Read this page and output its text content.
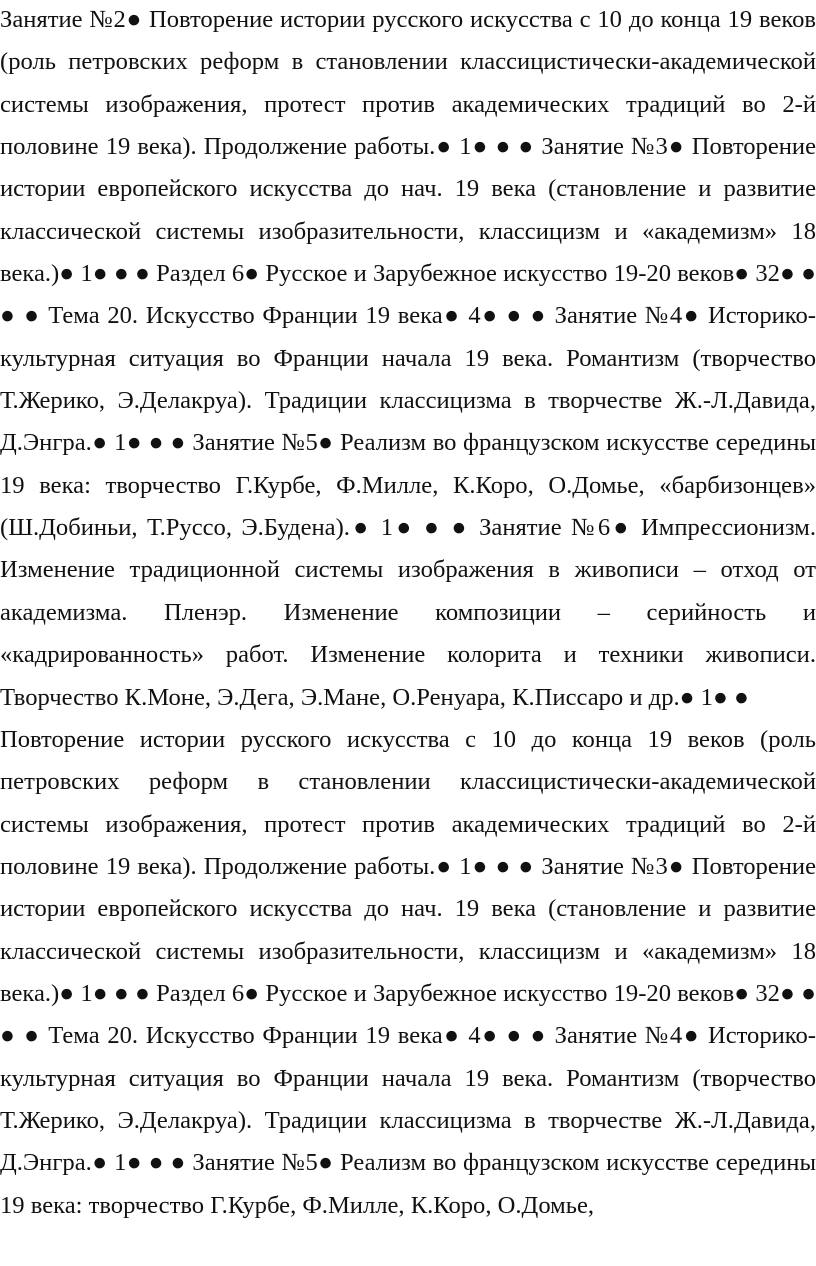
Занятие №2● Повторение истории русского искусства с 10 до конца 19 веков (роль петровских реформ в становлении классицистически-академической системы изображения, протест против академических традиций во 2-й половине 19 века). Продолжение работы.● 1● ● ● Занятие №3● Повторение истории европейского искусства до нач. 19 века (становление и развитие классической системы изобразительности, классицизм и «академизм» 18 века.)● 1● ● ● Раздел 6● Русское и Зарубежное искусство 19-20 веков● 32● ● ● ● Тема 20. Искусство Франции 19 века● 4● ● ● Занятие №4● Историко-культурная ситуация во Франции начала 19 века. Романтизм (творчество Т.Жерико, Э.Делакруа). Традиции классицизма в творчестве Ж.-Л.Давида, Д.Энгра.● 1● ● ● Занятие №5● Реализм во французском искусстве середины 19 века: творчество Г.Курбе, Ф.Милле, К.Коро, О.Домье, «барбизонцев» (Ш.Добиньи, Т.Руссо, Э.Будена).● 1● ● ● Занятие №6● Импрессионизм. Изменение традиционной системы изображения в живописи – отход от академизма. Пленэр. Изменение композиции – серийность и «кадрированность» работ. Изменение колорита и техники живописи. Творчество К.Моне, Э.Дега, Э.Мане, О.Ренуара, К.Писсаро и др.● 1● ●

Повторение истории русского искусства с 10 до конца 19 веков (роль петровских реформ в становлении классицистически-академической системы изображения, протест против академических традиций во 2-й половине 19 века). Продолжение работы.● 1● ● ● Занятие №3● Повторение истории европейского искусства до нач. 19 века (становление и развитие классической системы изобразительности, классицизм и «академизм» 18 века.)● 1● ● ● Раздел 6● Русское и Зарубежное искусство 19-20 веков● 32● ● ● ● Тема 20. Искусство Франции 19 века● 4● ● ● Занятие №4● Историко-культурная ситуация во Франции начала 19 века. Романтизм (творчество Т.Жерико, Э.Делакруа). Традиции классицизма в творчестве Ж.-Л.Давида, Д.Энгра.● 1● ● ● Занятие №5● Реализм во французском искусстве середины 19 века: творчество Г.Курбе, Ф.Милле, К.Коро, О.Домье,
